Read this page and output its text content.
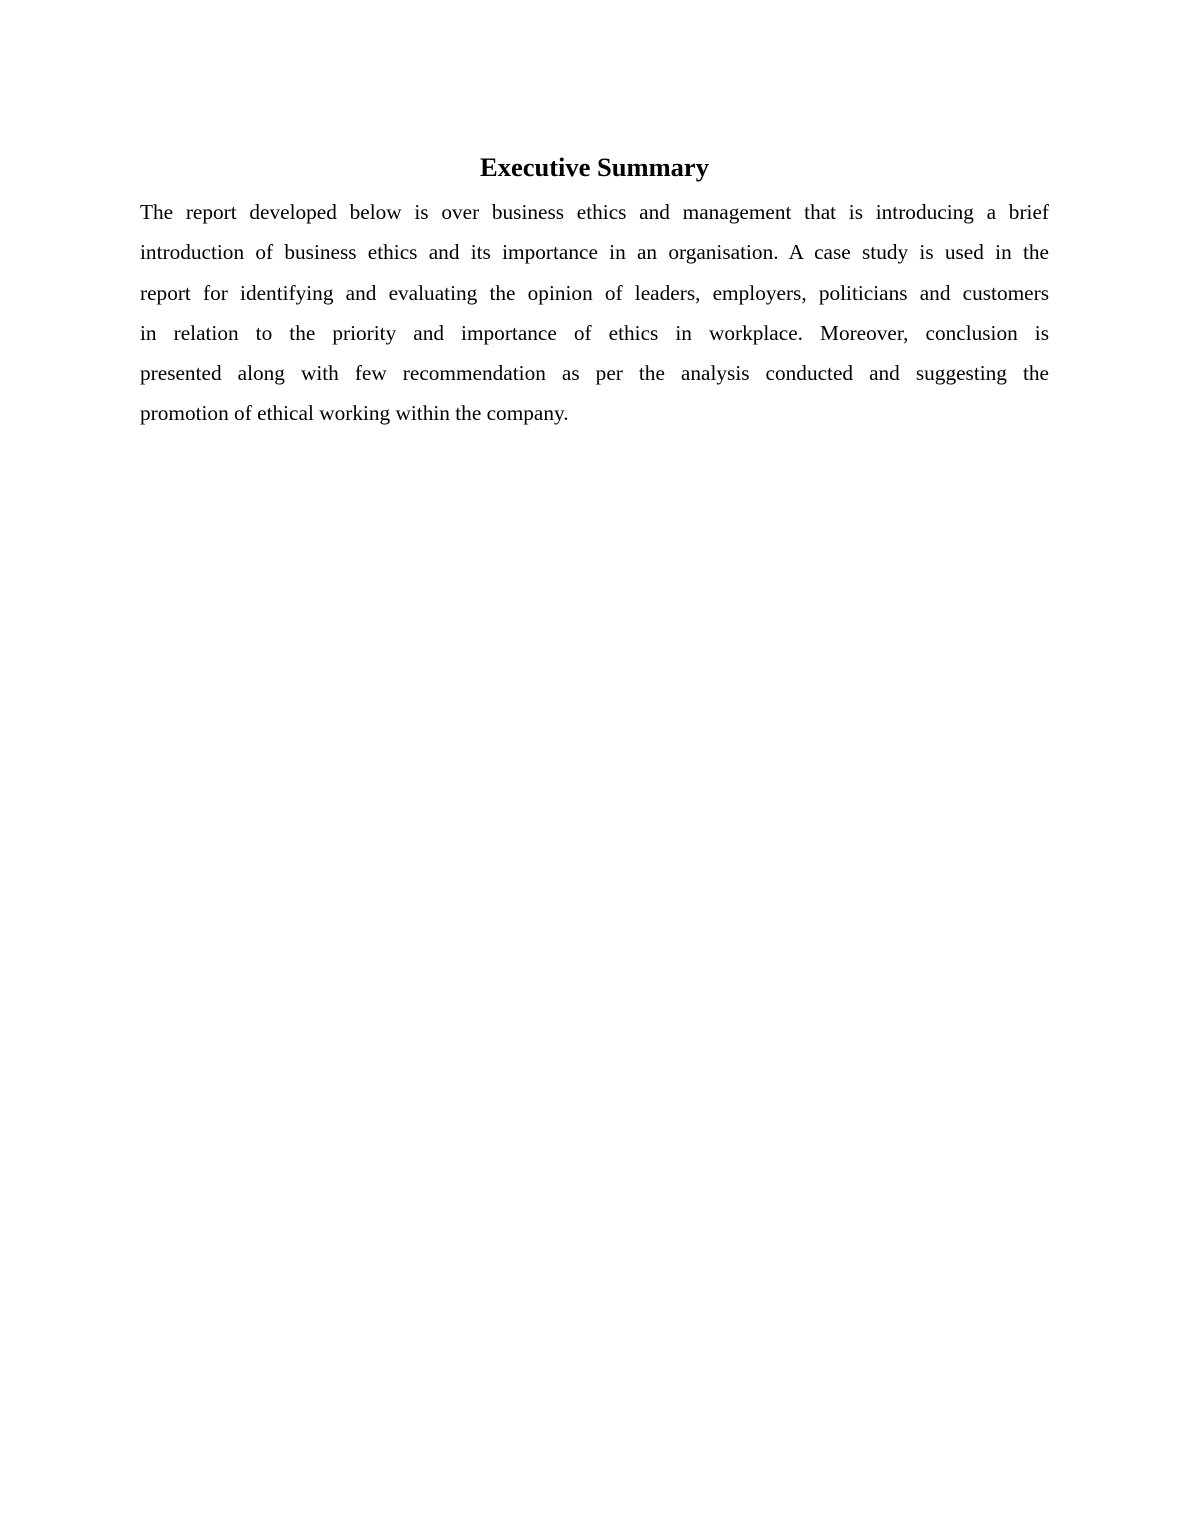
Executive Summary
The report developed below is over business ethics and management that is introducing a brief
introduction of business ethics and its importance in an organisation. A case study is used in the
report for identifying and evaluating the opinion of leaders, employers, politicians and customers
in relation to the priority and importance of ethics in workplace. Moreover, conclusion is
presented along with few recommendation as per the analysis conducted and suggesting the
promotion of ethical working within the company.
